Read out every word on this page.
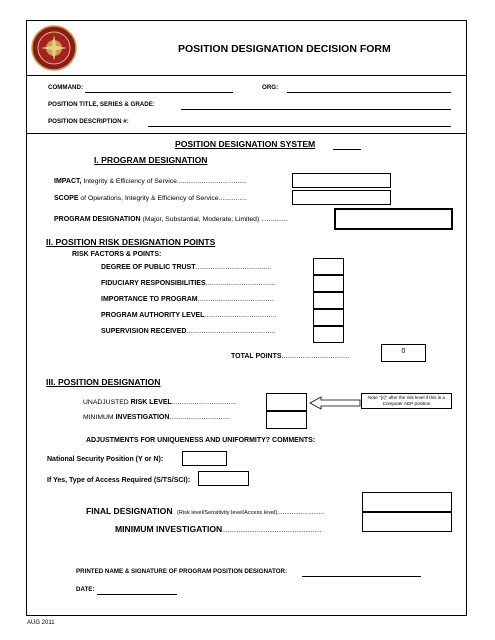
POSITION DESIGNATION DECISION FORM
COMMAND:	ORG:
POSITION TITLE, SERIES & GRADE:
POSITION DESCRIPTION #:
POSITION DESIGNATION SYSTEM
I. PROGRAM DESIGNATION
IMPACT, Integrity & Efficiency of Service.....................................
SCOPE of Operations, Integrity & Efficiency of Service...............
PROGRAM DESIGNATION (Major, Substantial, Moderate, Limited) ..............
II. POSITION RISK DESIGNATION POINTS
RISK FACTORS & POINTS:
DEGREE OF PUBLIC TRUST........................................
FIDUCIARY RESPONSIBILITIES.....................................
IMPORTANCE TO PROGRAM........................................
PROGRAM AUTHORITY LEVEL......................................
SUPERVISION RECEIVED...............................................
TOTAL POINTS....................................
0
III. POSITION DESIGNATION
UNADJUSTED RISK LEVEL..................................
MINIMUM INVESTIGATION................................
Note "[c]" after the risk level if this is a Computer ADP position
ADJUSTMENTS FOR UNIQUENESS AND UNIFORMITY? COMMENTS:
National Security Position (Y or N):
If Yes, Type of Access Required (S/TS/SCI):
FINAL DESIGNATION (Risk level/Sensitivity level/Access level)..........................
MINIMUM INVESTIGATION.......................................................
PRINTED NAME & SIGNATURE OF PROGRAM POSITION DESIGNATOR:
DATE:
AUG 2011
